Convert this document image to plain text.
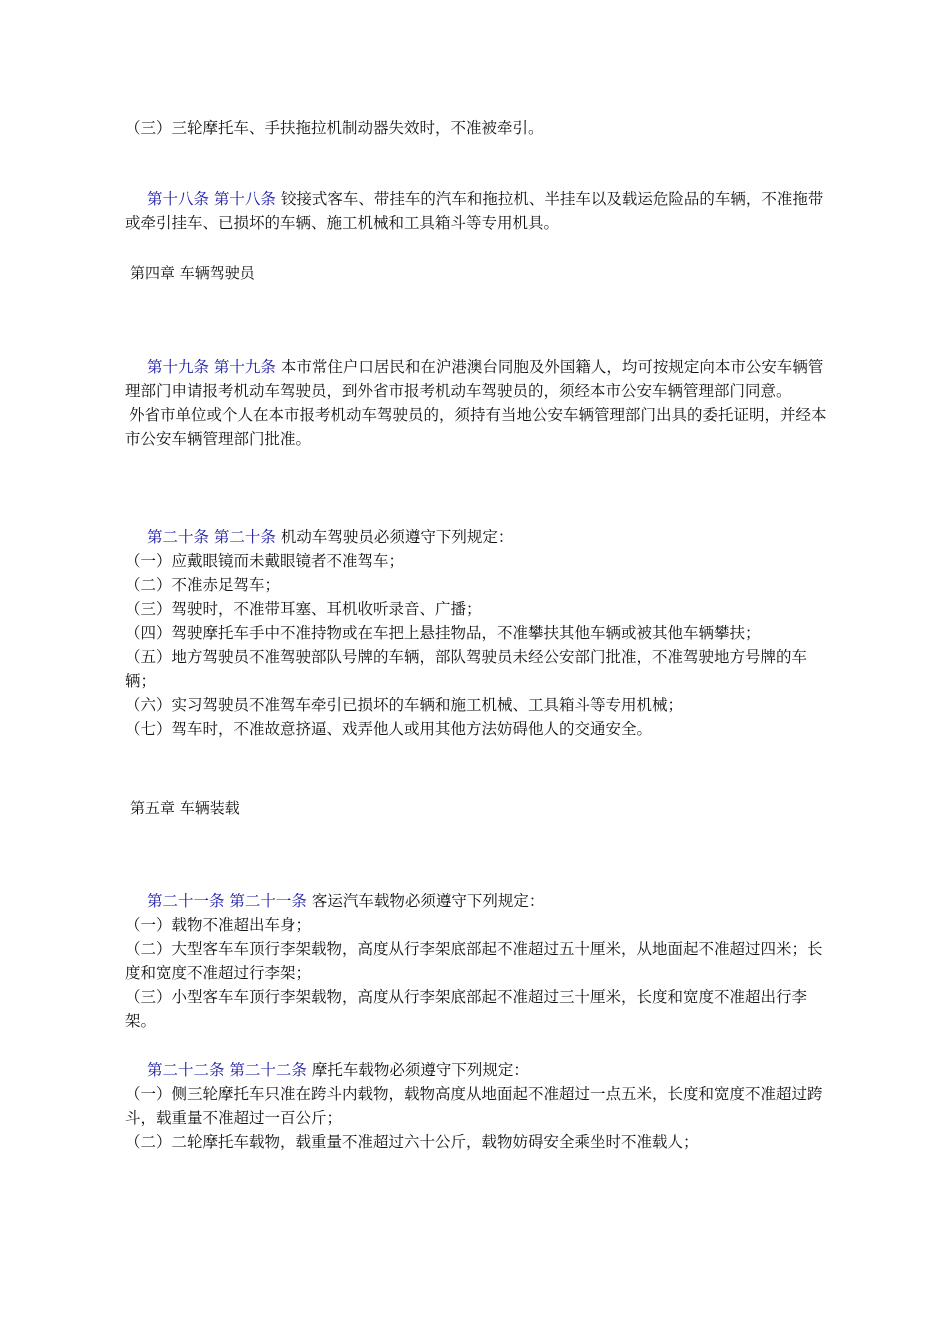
（三）三轮摩托车、手扶拖拉机制动器失效时，不准被牵引。

第十八条 第十八条 铰接式客车、带挂车的汽车和拖拉机、半挂车以及载运危险品的车辆，不准拖带或牵引挂车、已损坏的车辆、施工机械和工具箱斗等专用机具。

第四章 车辆驾驶员

第十九条 第十九条 本市常住户口居民和在沪港澳台同胞及外国籍人，均可按规定向本市公安车辆管理部门申请报考机动车驾驶员，到外省市报考机动车驾驶员的，须经本市公安车辆管理部门同意。

外省市单位或个人在本市报考机动车驾驶员的，须持有当地公安车辆管理部门出具的委托证明，并经本市公安车辆管理部门批准。

第二十条 第二十条 机动车驾驶员必须遵守下列规定：

（一）应戴眼镜而未戴眼镜者不准驾车；

（二）不准赤足驾车；

（三）驾驶时，不准带耳塞、耳机收听录音、广播；

（四）驾驶摩托车手中不准持物或在车把上悬挂物品，不准攀扶其他车辆或被其他车辆攀扶；

（五）地方驾驶员不准驾驶部队号牌的车辆，部队驾驶员未经公安部门批准，不准驾驶地方号牌的车辆；

（六）实习驾驶员不准驾车牵引已损坏的车辆和施工机械、工具箱斗等专用机械；

（七）驾车时，不准故意挤逼、戏弄他人或用其他方法妨碍他人的交通安全。

第五章 车辆装载

第二十一条 第二十一条 客运汽车载物必须遵守下列规定：

（一）载物不准超出车身；

（二）大型客车车顶行李架载物，高度从行李架底部起不准超过五十厘米，从地面起不准超过四米；长度和宽度不准超过行李架；

（三）小型客车车顶行李架载物，高度从行李架底部起不准超过三十厘米，长度和宽度不准超出行李架。

第二十二条 第二十二条 摩托车载物必须遵守下列规定：

（一）侧三轮摩托车只准在跨斗内载物，载物高度从地面起不准超过一点五米，长度和宽度不准超过跨斗，载重量不准超过一百公斤；

（二）二轮摩托车载物，载重量不准超过六十公斤，载物妨碍安全乘坐时不准载人；
